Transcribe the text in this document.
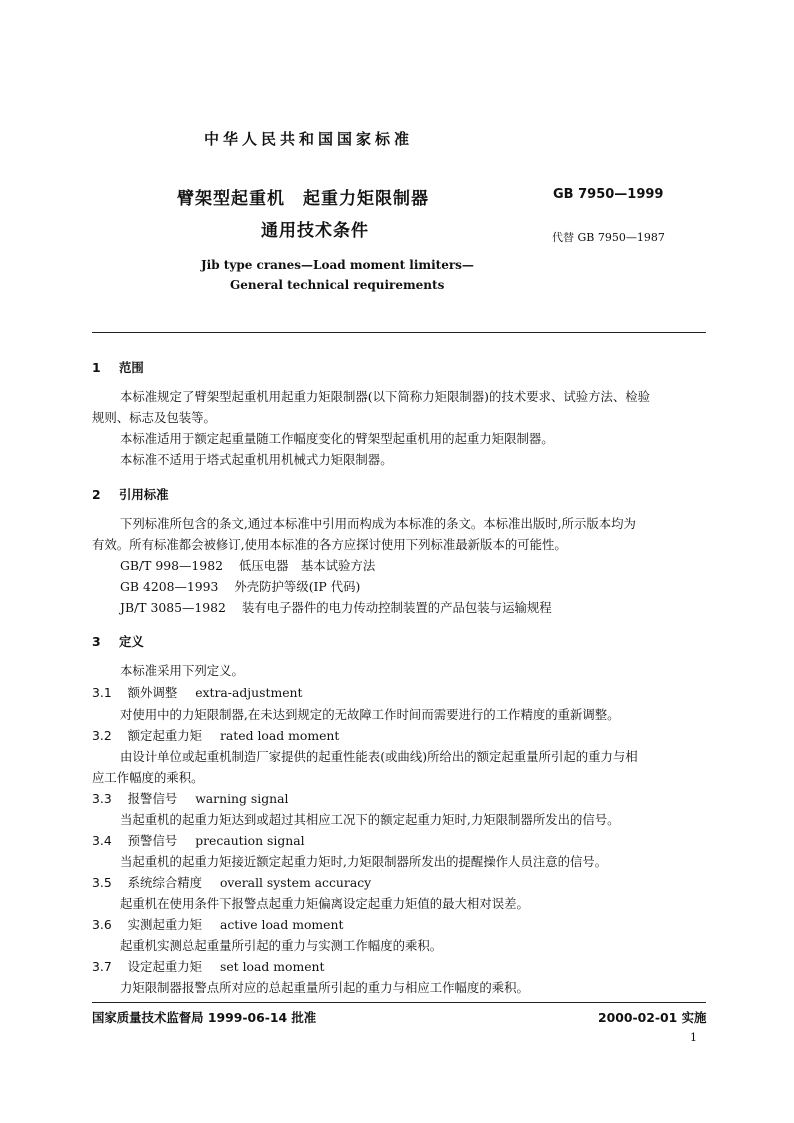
中华人民共和国国家标准
臂架型起重机　起重力矩限制器
通用技术条件
GB 7950—1999
代替 GB 7950—1987
Jib type cranes—Load moment limiters—
General technical requirements
1 范围
本标准规定了臂架型起重机用起重力矩限制器(以下简称力矩限制器)的技术要求、试验方法、检验
规则、标志及包装等。
本标准适用于额定起重量随工作幅度变化的臂架型起重机用的起重力矩限制器。
本标准不适用于塔式起重机用机械式力矩限制器。
2 引用标准
下列标准所包含的条文,通过本标准中引用而构成为本标准的条文。本标准出版时,所示版本均为
有效。所有标准都会被修订,使用本标准的各方应探讨使用下列标准最新版本的可能性。
GB/T 998—1982 低压电器　基本试验方法
GB 4208—1993 外壳防护等级(IP 代码)
JB/T 3085—1982 装有电子器件的电力传动控制装置的产品包装与运输规程
3 定义
本标准采用下列定义。
3.1 额外调整 extra-adjustment
对使用中的力矩限制器,在未达到规定的无故障工作时间而需要进行的工作精度的重新调整。
3.2 额定起重力矩 rated load moment
由设计单位或起重机制造厂家提供的起重性能表(或曲线)所给出的额定起重量所引起的重力与相
应工作幅度的乘积。
3.3 报警信号 warning signal
当起重机的起重力矩达到或超过其相应工况下的额定起重力矩时,力矩限制器所发出的信号。
3.4 预警信号 precaution signal
当起重机的起重力矩接近额定起重力矩时,力矩限制器所发出的提醒操作人员注意的信号。
3.5 系统综合精度 overall system accuracy
起重机在使用条件下报警点起重力矩偏离设定起重力矩值的最大相对误差。
3.6 实测起重力矩 active load moment
起重机实测总起重量所引起的重力与实测工作幅度的乘积。
3.7 设定起重力矩 set load moment
力矩限制器报警点所对应的总起重量所引起的重力与相应工作幅度的乘积。
国家质量技术监督局 1999-06-14 批准	2000-02-01 实施
1
